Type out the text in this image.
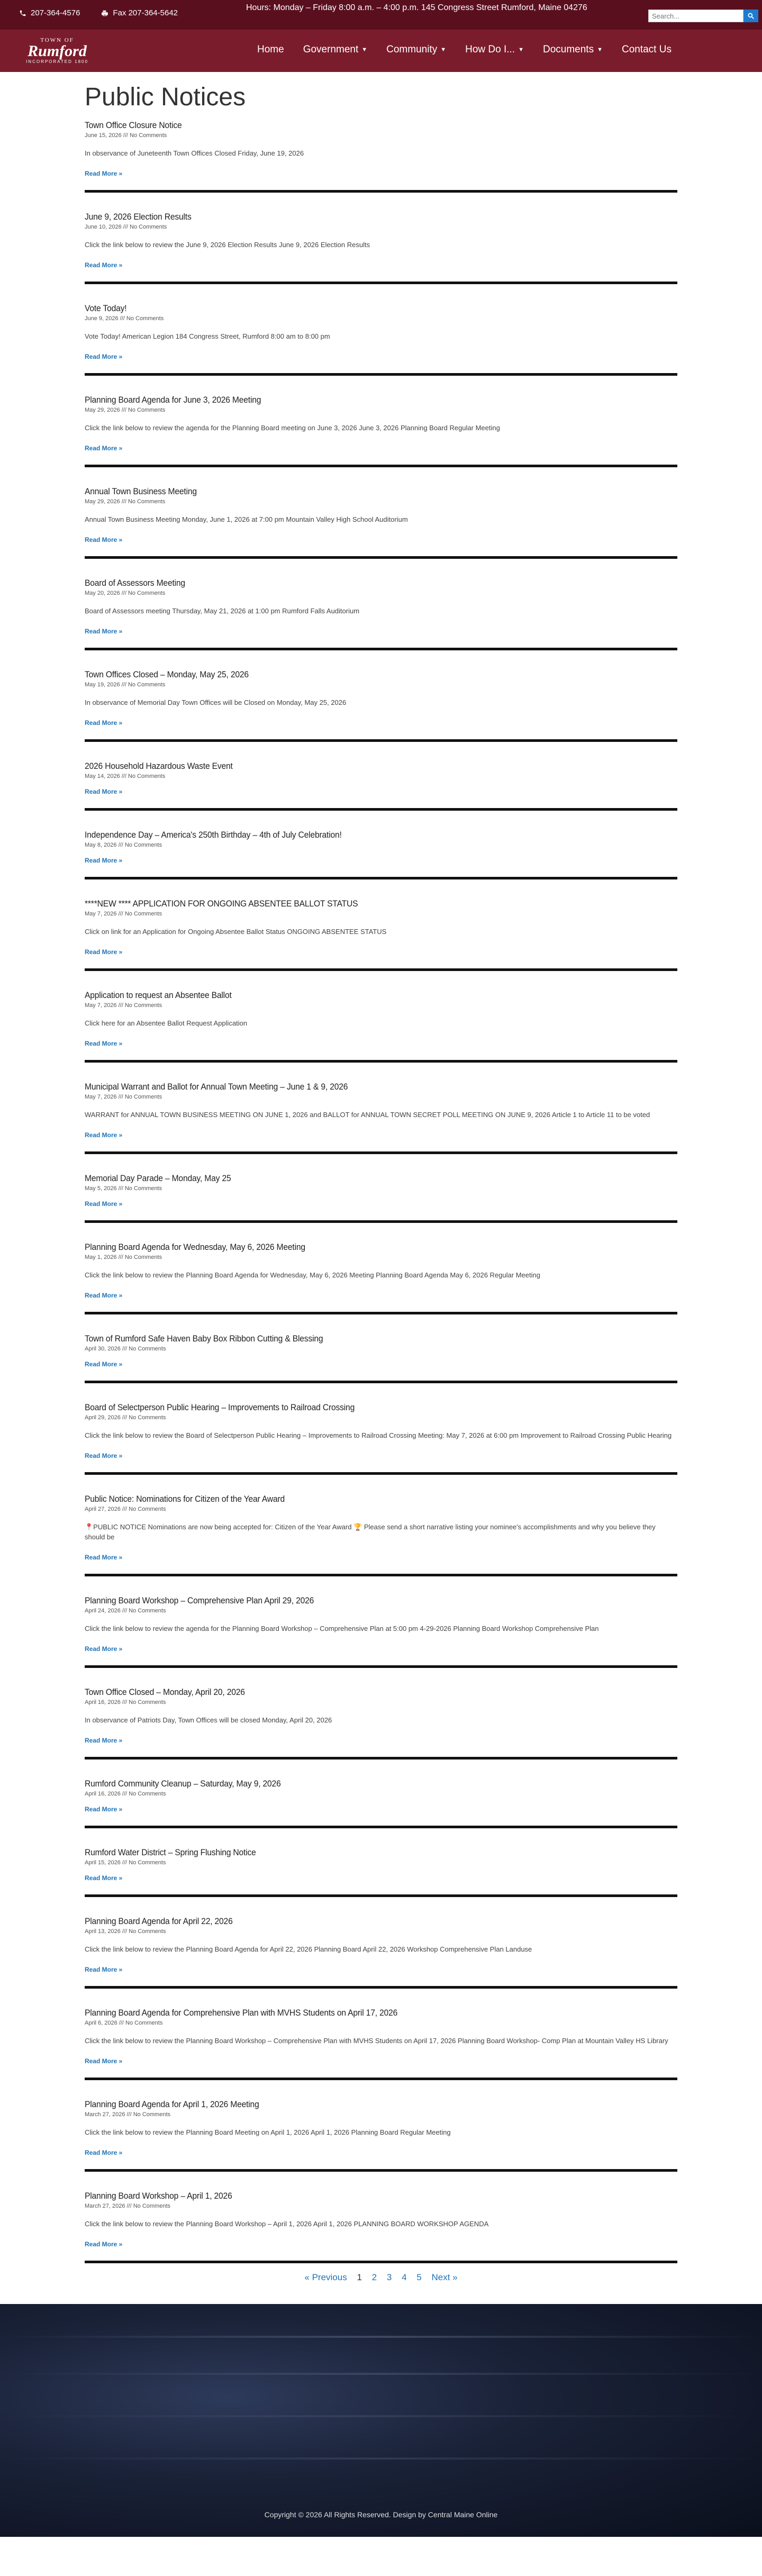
207-364-4576	Fax 207-364-5642
Hours: Monday – Friday 8:00 a.m. – 4:00 p.m. 145 Congress Street Rumford, Maine 04276
Search...
TOWN OF
Rumford
INCORPORATED 1800
Home Government ▼ Community ▼ How Do I... ▼ Documents ▼ Contact Us
Public Notices
Town Office Closure Notice
June 15, 2026 /// No Comments
In observance of Juneteenth Town Offices Closed Friday, June 19, 2026
Read More »
June 9, 2026 Election Results
June 10, 2026 /// No Comments
Click the link below to review the June 9, 2026 Election Results June 9, 2026 Election Results
Read More »
Vote Today!
June 9, 2026 /// No Comments
Vote Today! American Legion 184 Congress Street, Rumford 8:00 am to 8:00 pm
Read More »
Planning Board Agenda for June 3, 2026 Meeting
May 29, 2026 /// No Comments
Click the link below to review the agenda for the Planning Board meeting on June 3, 2026 June 3, 2026 Planning Board Regular Meeting
Read More »
Annual Town Business Meeting
May 29, 2026 /// No Comments
Annual Town Business Meeting Monday, June 1, 2026 at 7:00 pm Mountain Valley High School Auditorium
Read More »
Board of Assessors Meeting
May 20, 2026 /// No Comments
Board of Assessors meeting Thursday, May 21, 2026 at 1:00 pm Rumford Falls Auditorium
Read More »
Town Offices Closed – Monday, May 25, 2026
May 19, 2026 /// No Comments
In observance of Memorial Day Town Offices will be Closed on Monday, May 25, 2026
Read More »
2026 Household Hazardous Waste Event
May 14, 2026 /// No Comments
Read More »
Independence Day – America's 250th Birthday – 4th of July Celebration!
May 8, 2026 /// No Comments
Read More »
****NEW **** APPLICATION FOR ONGOING ABSENTEE BALLOT STATUS
May 7, 2026 /// No Comments
Click on link for an Application for Ongoing Absentee Ballot Status ONGOING ABSENTEE STATUS
Read More »
Application to request an Absentee Ballot
May 7, 2026 /// No Comments
Click here for an Absentee Ballot Request Application
Read More »
Municipal Warrant and Ballot for Annual Town Meeting – June 1 & 9, 2026
May 7, 2026 /// No Comments
WARRANT for ANNUAL TOWN BUSINESS MEETING ON JUNE 1, 2026 and BALLOT for ANNUAL TOWN SECRET POLL MEETING ON JUNE 9, 2026 Article 1 to Article 11 to be voted
Read More »
Memorial Day Parade – Monday, May 25
May 5, 2026 /// No Comments
Read More »
Planning Board Agenda for Wednesday, May 6, 2026 Meeting
May 1, 2026 /// No Comments
Click the link below to review the Planning Board Agenda for Wednesday, May 6, 2026 Meeting Planning Board Agenda May 6, 2026 Regular Meeting
Read More »
Town of Rumford Safe Haven Baby Box Ribbon Cutting & Blessing
April 30, 2026 /// No Comments
Read More »
Board of Selectperson Public Hearing – Improvements to Railroad Crossing
April 29, 2026 /// No Comments
Click the link below to review the Board of Selectperson Public Hearing – Improvements to Railroad Crossing Meeting: May 7, 2026 at 6:00 pm Improvement to Railroad Crossing Public Hearing
Read More »
Public Notice: Nominations for Citizen of the Year Award
April 27, 2026 /// No Comments
📍PUBLIC NOTICE Nominations are now being accepted for: Citizen of the Year Award 🏆 Please send a short narrative listing your nominee's accomplishments and why you believe they should be
Read More »
Planning Board Workshop – Comprehensive Plan April 29, 2026
April 24, 2026 /// No Comments
Click the link below to review the agenda for the Planning Board Workshop – Comprehensive Plan at 5:00 pm 4-29-2026 Planning Board Workshop Comprehensive Plan
Read More »
Town Office Closed – Monday, April 20, 2026
April 16, 2026 /// No Comments
In observance of Patriots Day, Town Offices will be closed Monday, April 20, 2026
Read More »
Rumford Community Cleanup – Saturday, May 9, 2026
April 16, 2026 /// No Comments
Read More »
Rumford Water District – Spring Flushing Notice
April 15, 2026 /// No Comments
Read More »
Planning Board Agenda for April 22, 2026
April 13, 2026 /// No Comments
Click the link below to review the Planning Board Agenda for April 22, 2026 Planning Board April 22, 2026 Workshop Comprehensive Plan Landuse
Read More »
Planning Board Agenda for Comprehensive Plan with MVHS Students on April 17, 2026
April 6, 2026 /// No Comments
Click the link below to review the Planning Board Workshop – Comprehensive Plan with MVHS Students on April 17, 2026 Planning Board Workshop- Comp Plan at Mountain Valley HS Library
Read More »
Planning Board Agenda for April 1, 2026 Meeting
March 27, 2026 /// No Comments
Click the link below to review the Planning Board Meeting on April 1, 2026 April 1, 2026 Planning Board Regular Meeting
Read More »
Planning Board Workshop – April 1, 2026
March 27, 2026 /// No Comments
Click the link below to review the Planning Board Workshop – April 1, 2026 April 1, 2026 PLANNING BOARD WORKSHOP AGENDA
Read More »
« Previous 1 2 3 4 5 Next »
Copyright © 2026 All Rights Reserved. Design by Central Maine Online
